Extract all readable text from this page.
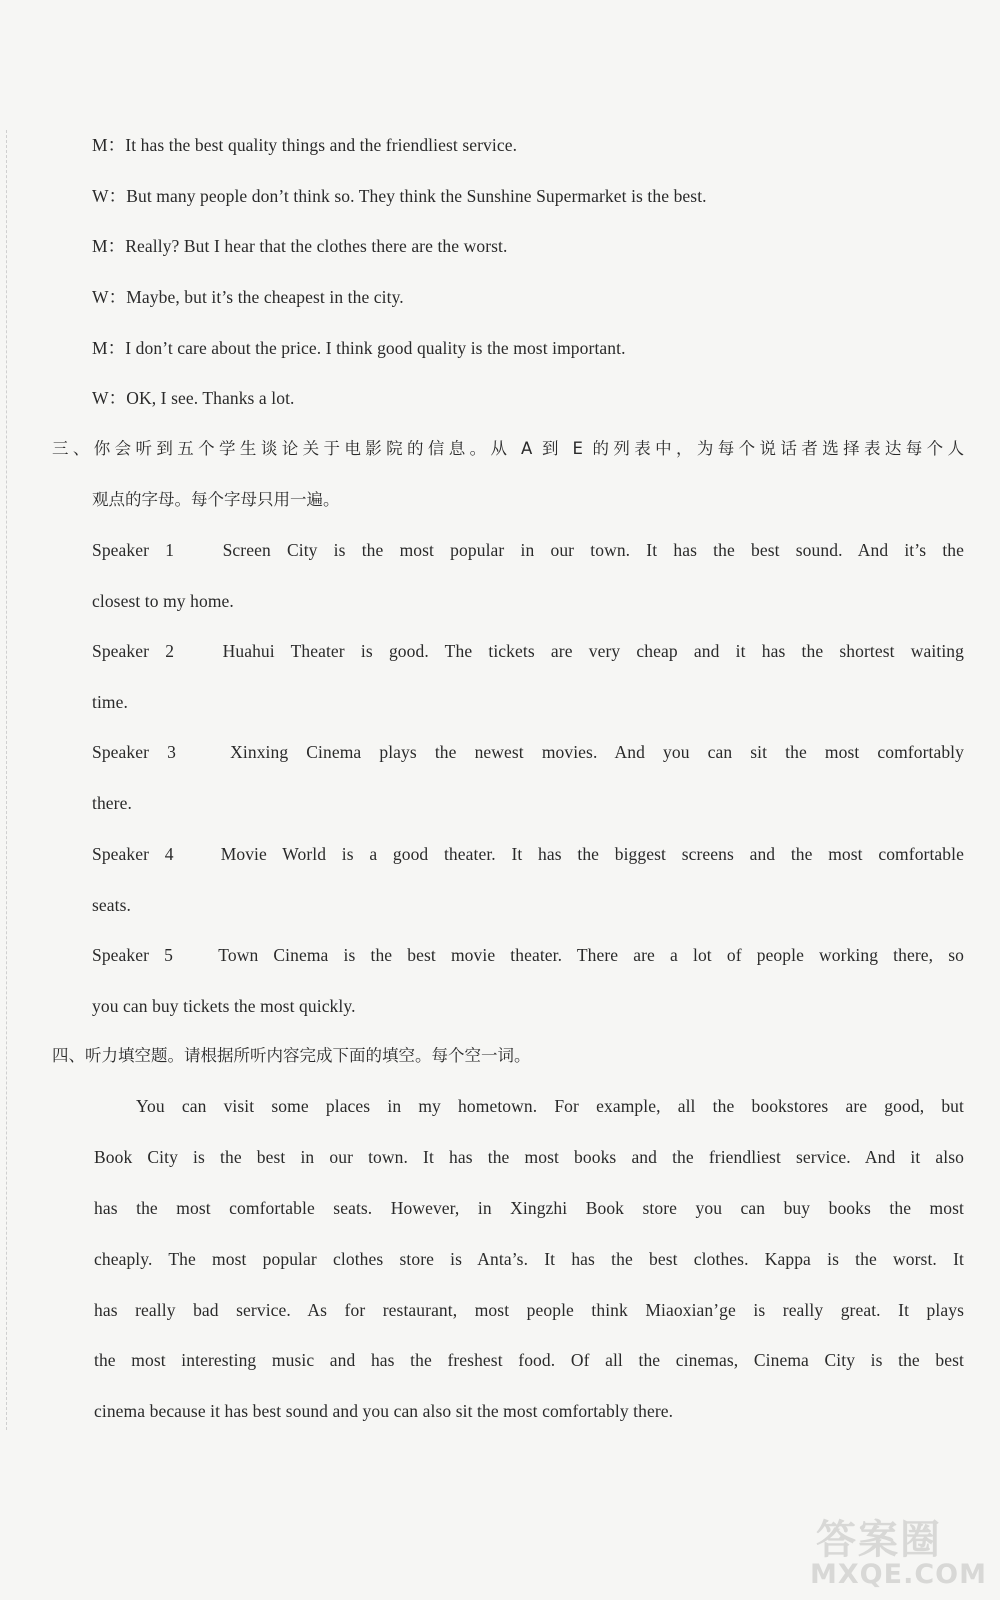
M：It has the best quality things and the friendliest service.
W：But many people don’t think so. They think the Sunshine Supermarket is the best.
M：Really? But I hear that the clothes there are the worst.
W：Maybe, but it’s the cheapest in the city.
M：I don’t care about the price. I think good quality is the most important.
W：OK, I see. Thanks a lot.
三、你会听到五个学生谈论关于电影院的信息。从 A 到 E 的列表中，为每个说话者选择表达每个人
观点的字母。每个字母只用一遍。
Speaker 1	Screen City is the most popular in our town. It has the best sound. And it’s the
closest to my home.
Speaker 2	Huahui Theater is good. The tickets are very cheap and it has the shortest waiting
time.
Speaker 3	Xinxing Cinema plays the newest movies. And you can sit the most comfortably
there.
Speaker 4	Movie World is a good theater. It has the biggest screens and the most comfortable
seats.
Speaker 5	Town Cinema is the best movie theater. There are a lot of people working there, so
you can buy tickets the most quickly.
四、听力填空题。请根据所听内容完成下面的填空。每个空一词。
You can visit some places in my hometown. For example, all the bookstores are good, but
Book City is the best in our town. It has the most books and the friendliest service. And it also
has the most comfortable seats. However, in Xingzhi Book store you can buy books the most
cheaply. The most popular clothes store is Anta’s. It has the best clothes. Kappa is the worst. It
has really bad service. As for restaurant, most people think Miaoxian’ge is really great. It plays
the most interesting music and has the freshest food. Of all the cinemas, Cinema City is the best
cinema because it has best sound and you can also sit the most comfortably there.
答案圈
MXQE.COM
